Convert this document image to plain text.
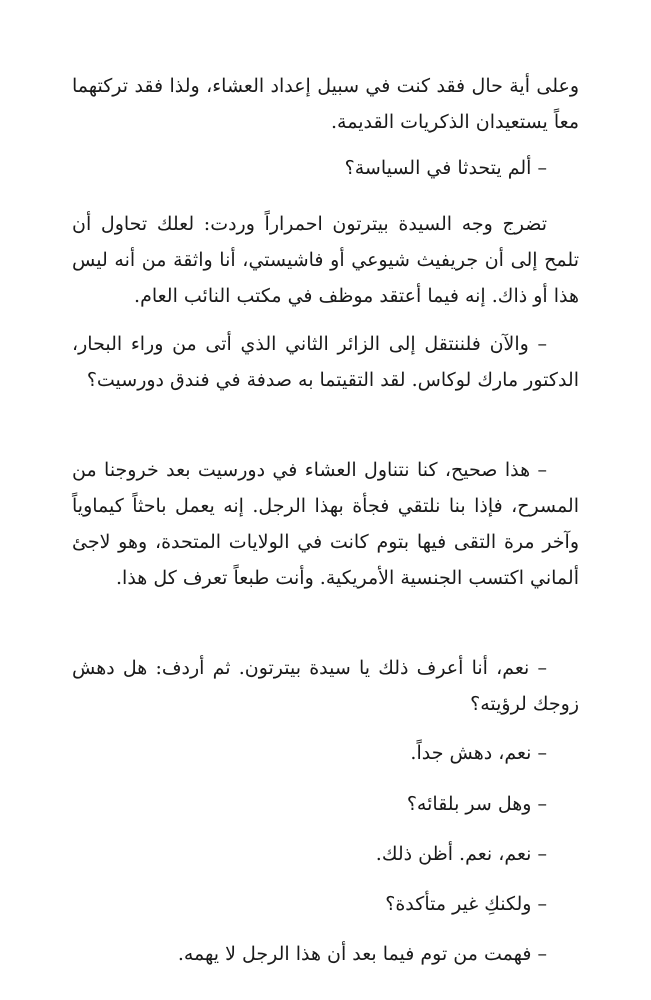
وعلى أية حال فقد كنت في سبيل إعداد العشاء، ولذا فقد تركتهما معاً يستعيدان الذكريات القديمة.

– ألم يتحدثا في السياسة؟

تضرج وجه السيدة بيترتون احمراراً وردت: لعلك تحاول أن تلمح إلى أن جريفيث شيوعي أو فاشيستي، أنا واثقة من أنه ليس هذا أو ذاك. إنه فيما أعتقد موظف في مكتب النائب العام.

– والآن فلننتقل إلى الزائر الثاني الذي أتى من وراء البحار، الدكتور مارك لوكاس. لقد التقيتما به صدفة في فندق دورسيت؟

– هذا صحيح، كنا نتناول العشاء في دورسيت بعد خروجنا من المسرح، فإذا بنا نلتقي فجأة بهذا الرجل. إنه يعمل باحثاً كيماوياً وآخر مرة التقى فيها بتوم كانت في الولايات المتحدة، وهو لاجئ ألماني اكتسب الجنسية الأمريكية. وأنت طبعاً تعرف كل هذا.

– نعم، أنا أعرف ذلك يا سيدة بيترتون. ثم أردف: هل دهش زوجك لرؤيته؟

– نعم، دهش جداً.

– وهل سر بلقائه؟

– نعم، نعم. أظن ذلك.

– ولكنكِ غير متأكدة؟

– فهمت من توم فيما بعد أن هذا الرجل لا يهمه.
